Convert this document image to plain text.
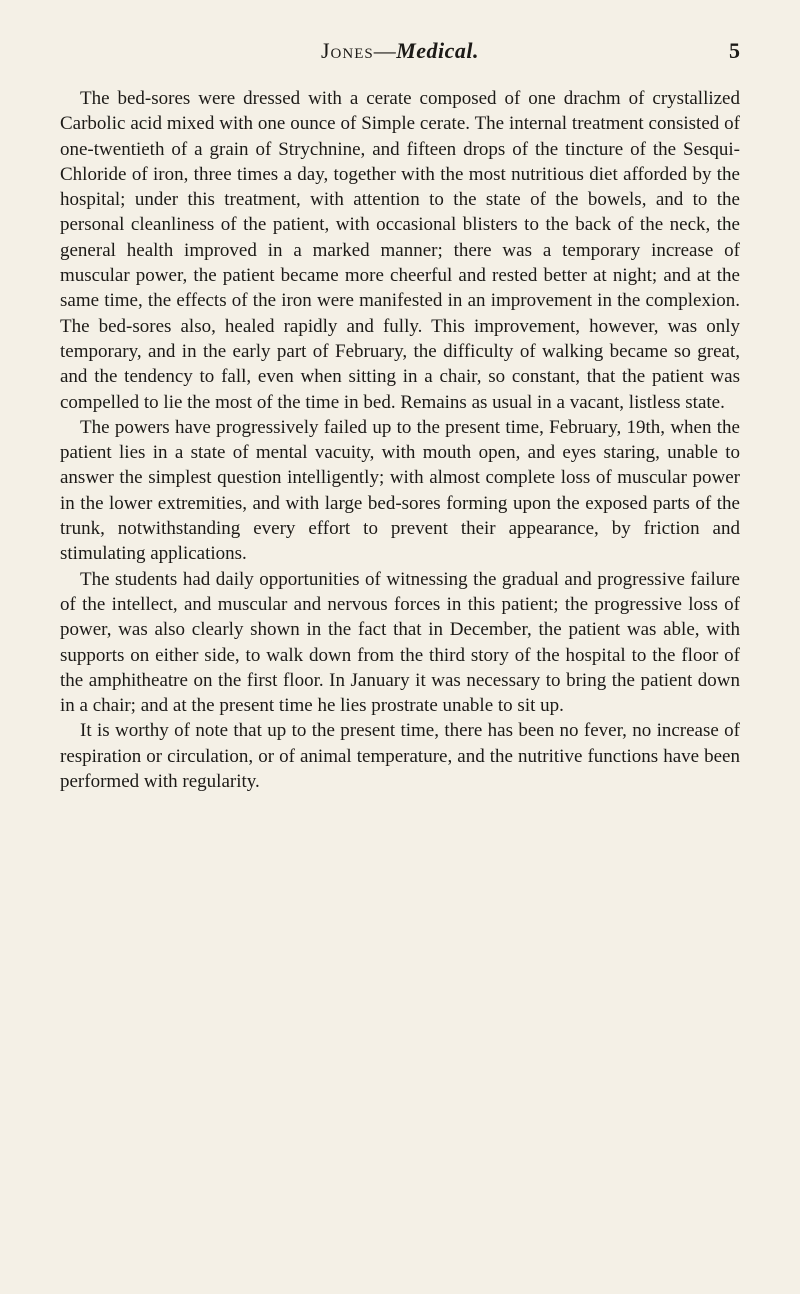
Jones—Medical.	5

The bed-sores were dressed with a cerate composed of one drachm of crystallized Carbolic acid mixed with one ounce of Simple cerate. The internal treatment consisted of one-twentieth of a grain of Strychnine, and fifteen drops of the tincture of the Sesqui-Chloride of iron, three times a day, together with the most nutritious diet afforded by the hospital; under this treatment, with attention to the state of the bowels, and to the personal cleanliness of the patient, with occasional blisters to the back of the neck, the general health improved in a marked manner; there was a temporary increase of muscular power, the patient became more cheerful and rested better at night; and at the same time, the effects of the iron were manifested in an improvement in the complexion. The bed-sores also, healed rapidly and fully. This improvement, however, was only temporary, and in the early part of February, the difficulty of walking became so great, and the tendency to fall, even when sitting in a chair, so constant, that the patient was compelled to lie the most of the time in bed. Remains as usual in a vacant, listless state.

The powers have progressively failed up to the present time, February, 19th, when the patient lies in a state of mental vacuity, with mouth open, and eyes staring, unable to answer the simplest question intelligently; with almost complete loss of muscular power in the lower extremities, and with large bed-sores forming upon the exposed parts of the trunk, notwithstanding every effort to prevent their appearance, by friction and stimulating applications.

The students had daily opportunities of witnessing the gradual and progressive failure of the intellect, and muscular and nervous forces in this patient; the progressive loss of power, was also clearly shown in the fact that in December, the patient was able, with supports on either side, to walk down from the third story of the hospital to the floor of the amphitheatre on the first floor. In January it was necessary to bring the patient down in a chair; and at the present time he lies prostrate unable to sit up.

It is worthy of note that up to the present time, there has been no fever, no increase of respiration or circulation, or of animal temperature, and the nutritive functions have been performed with regularity.
